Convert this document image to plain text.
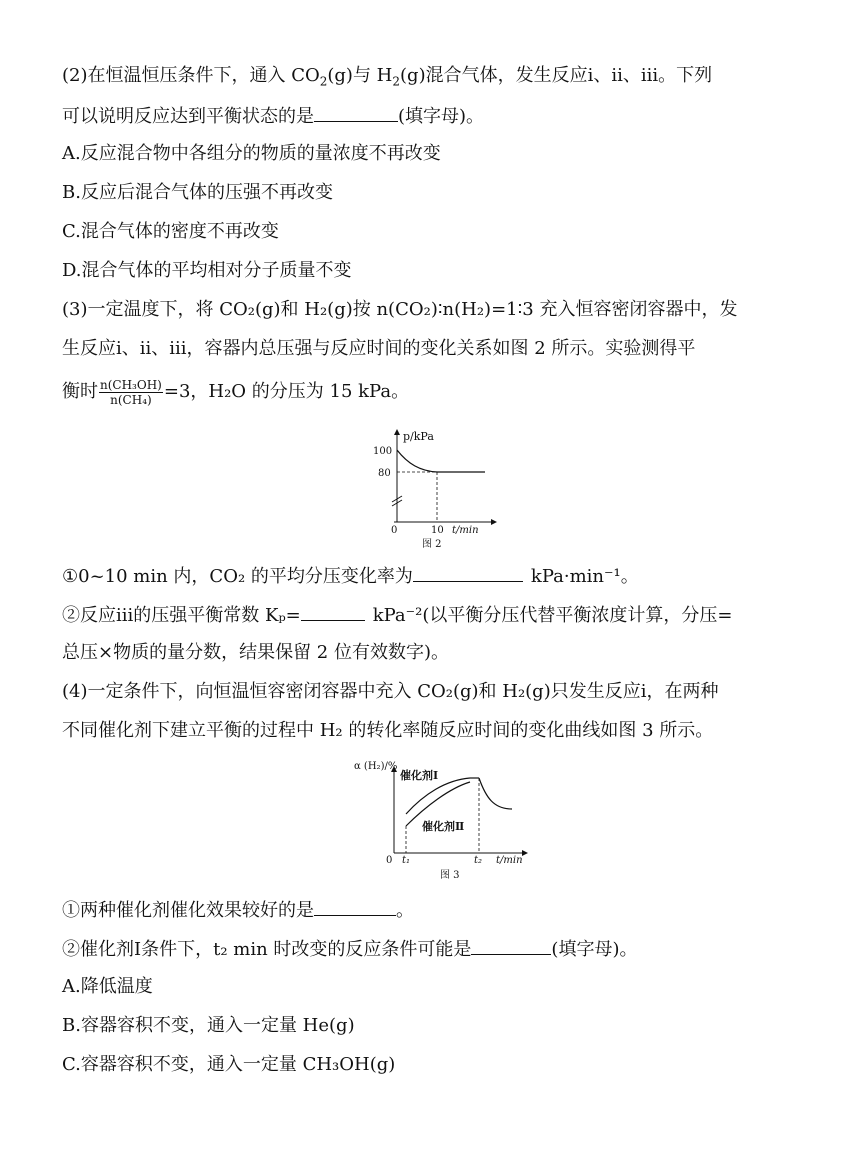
(2)在恒温恒压条件下，通入 $CO_2(g)$与 $H_2(g)$混合气体，发生反应ⅰ、ⅱ、ⅲ。下列
可以说明反应达到平衡状态的是	(填字母)。
A.反应混合物中各组分的物质的量浓度不再改变
B.反应后混合气体的压强不再改变
C.混合气体的密度不再改变
D.混合气体的平均相对分子质量不变
(3)一定温度下，将 CO₂(g)和 H₂(g)按 n(CO₂)∶n(H₂)=1∶3 充入恒容密闭容器中，发
生反应ⅰ、ⅱ、ⅲ，容器内总压强与反应时间的变化关系如图 2 所示。实验测得平
衡时 $\frac{\text{n(CH₃OH)}}{\text{n(CH₄)}} =3$，H₂O 的分压为 15 kPa。
p/kPa
100
80
0	10 t/min
图 2
①0~10 min 内，CO₂ 的平均分压变化率为	kPa·min⁻¹。
②反应ⅲ的压强平衡常数 Kₚ=	kPa⁻²(以平衡分压代替平衡浓度计算，分压=
总压×物质的量分数，结果保留 2 位有效数字)。
(4)一定条件下，向恒温恒容密闭容器中充入 CO₂(g)和 H₂(g)只发生反应ⅰ，在两种
不同催化剂下建立平衡的过程中 H₂ 的转化率随反应时间的变化曲线如图 3 所示。
α (H₂)/%
催化剂Ⅰ
催化剂Ⅱ
0 t₁	t₂ t/min
图 3
①两种催化剂催化效果较好的是	。
②催化剂Ⅰ条件下，t₂ min 时改变的反应条件可能是	(填字母)。
A.降低温度
B.容器容积不变，通入一定量 He(g)
C.容器容积不变，通入一定量 CH₃OH(g)
